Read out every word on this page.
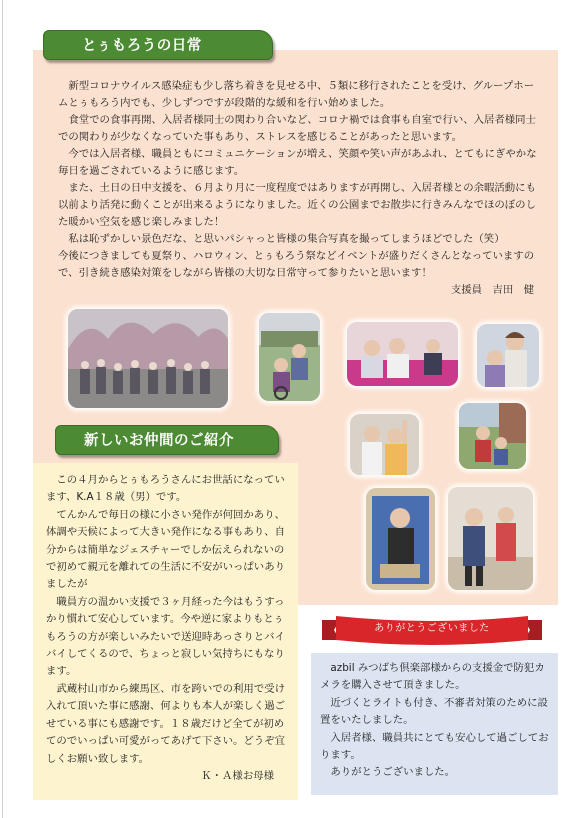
とぅもろうの日常

新型コロナウイルス感染症も少し落ち着きを見せる中、５類に移行されたことを受け、グループホームとぅもろう内でも、少しずつですが段階的な緩和を行い始めました。

食堂での食事再開、入居者様同士の関わり合いなど、コロナ禍では食事も自室で行い、入居者様同士での関わりが少なくなっていた事もあり、ストレスを感じることがあったと思います。

今では入居者様、職員ともにコミュニケーションが増え、笑顔や笑い声があふれ、とてもにぎやかな毎日を過ごされているように感じます。

また、土日の日中支援を、６月より月に一度程度ではありますが再開し、入居者様との余暇活動にも以前より活発に動くことが出来るようになりました。近くの公園までお散歩に行きみんなでほのぼのした暖かい空気を感じ楽しみました！

私は恥ずかしい景色だな、と思いパシャっと皆様の集合写真を撮ってしまうほどでした（笑）

今後につきましても夏祭り、ハロウィン、とぅもろう祭などイベントが盛りだくさんとなっていますので、引き続き感染対策をしながら皆様の大切な日常守って参りたいと思います！

支援員　吉田　健

新しいお仲間のご紹介

この４月からとぅもろうさんにお世話になっています、K.A１８歳（男）です。

てんかんで毎日の様に小さい発作が何回かあり、体調や天候によって大きい発作になる事もあり、自分からは簡単なジェスチャーでしか伝えられないので初めて親元を離れての生活に不安がいっぱいありましたが

職員方の温かい支援で３ヶ月経った今はもうすっかり慣れて安心しています。今や逆に家よりもとぅもろうの方が楽しいみたいで送迎時あっさりとバイバイしてくるので、ちょっと寂しい気持ちにもなります。

武蔵村山市から練馬区、市を跨いでの利用で受け入れて頂いた事に感謝、何よりも本人が楽しく過ごせている事にも感謝です。１８歳だけど全てが初めてのでいっぱい可愛がってあげて下さい。どうぞ宜しくお願い致します。

Ｋ・Ａ様お母様

ありがとうございました

azbil みつばち倶楽部様からの支援金で防犯カメラを購入させて頂きました。

近づくとライトも付き、不審者対策のために設置をいたしました。

入居者様、職員共にとても安心して過ごしております。

ありがとうございました。
